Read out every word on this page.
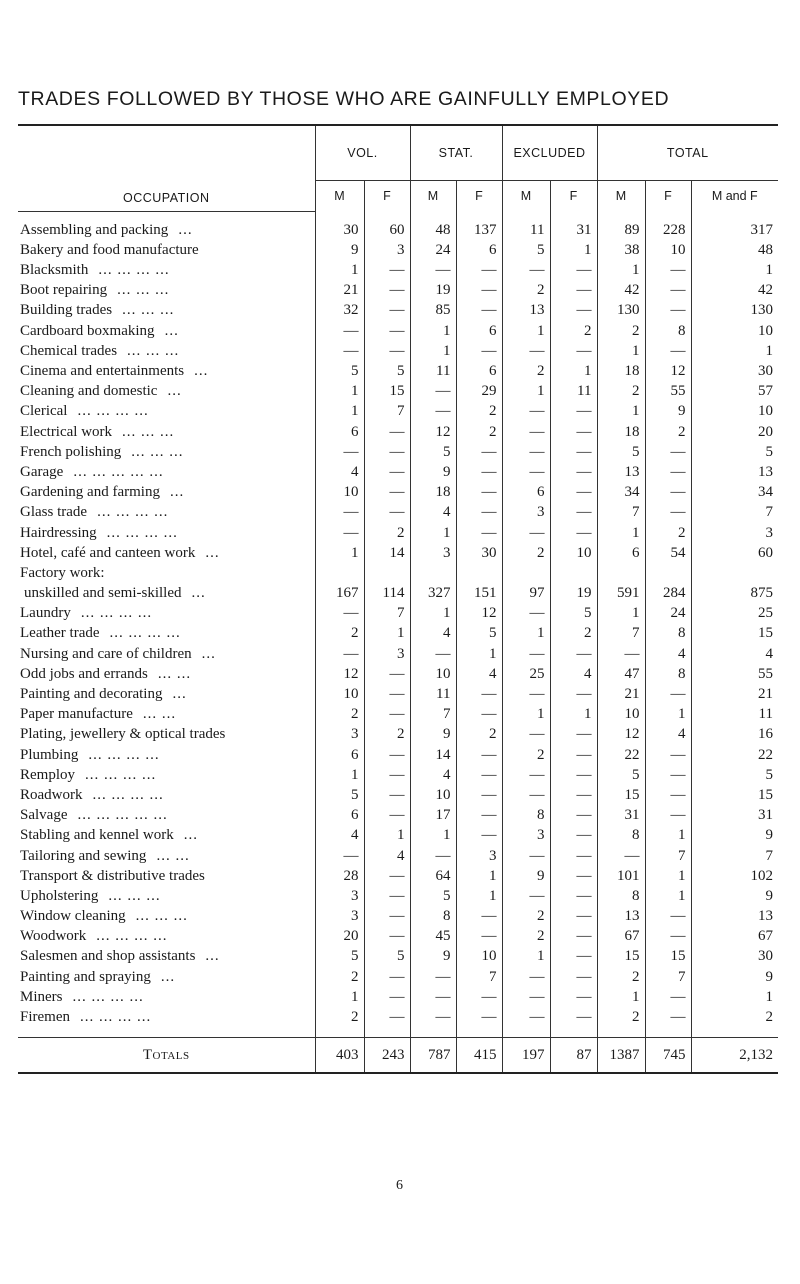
TRADES FOLLOWED BY THOSE WHO ARE GAINFULLY EMPLOYED

OCCUPATION	VOL.		STAT.		EXCLUDED		TOTAL		
	M	F	M	F	M	F	M	F	M and F

Assembling and packing ...	30	60	48	137	11	31	89	228	317
Bakery and food manufacture	9	3	24	6	5	1	38	10	48
Blacksmith ... ... ... ...	1	—	—	—	—	—	1	—	1
Boot repairing ... ... ...	21	—	19	—	2	—	42	—	42
Building trades ... ... ...	32	—	85	—	13	—	130	—	130
Cardboard boxmaking ...	—	—	1	6	1	2	2	8	10
Chemical trades ... ... ...	—	—	1	—	—	—	1	—	1
Cinema and entertainments ...	5	5	11	6	2	1	18	12	30
Cleaning and domestic ...	1	15	—	29	1	11	2	55	57
Clerical ... ... ... ...	1	7	—	2	—	—	1	9	10
Electrical work ... ... ...	6	—	12	2	—	—	18	2	20
French polishing ... ... ...	—	—	5	—	—	—	5	—	5
Garage ... ... ... ... ...	4	—	9	—	—	—	13	—	13
Gardening and farming ...	10	—	18	—	6	—	34	—	34
Glass trade ... ... ... ...	—	—	4	—	3	—	7	—	7
Hairdressing ... ... ... ...	—	2	1	—	—	—	1	2	3
Hotel, café and canteen work ...	1	14	3	30	2	10	6	54	60
Factory work:									
unskilled and semi-skilled ...	167	114	327	151	97	19	591	284	875
Laundry ... ... ... ...	—	7	1	12	—	5	1	24	25
Leather trade ... ... ... ...	2	1	4	5	1	2	7	8	15
Nursing and care of children ...	—	3	—	1	—	—	—	4	4
Odd jobs and errands ... ...	12	—	10	4	25	4	47	8	55
Painting and decorating ...	10	—	11	—	—	—	21	—	21
Paper manufacture ... ...	2	—	7	—	1	1	10	1	11
Plating, jewellery & optical trades	3	2	9	2	—	—	12	4	16
Plumbing ... ... ... ...	6	—	14	—	2	—	22	—	22
Remploy ... ... ... ...	1	—	4	—	—	—	5	—	5
Roadwork ... ... ... ...	5	—	10	—	—	—	15	—	15
Salvage ... ... ... ... ...	6	—	17	—	8	—	31	—	31
Stabling and kennel work ...	4	1	1	—	3	—	8	1	9
Tailoring and sewing ... ...	—	4	—	3	—	—	—	7	7
Transport & distributive trades	28	—	64	1	9	—	101	1	102
Upholstering ... ... ...	3	—	5	1	—	—	8	1	9
Window cleaning ... ... ...	3	—	8	—	2	—	13	—	13
Woodwork ... ... ... ...	20	—	45	—	2	—	67	—	67
Salesmen and shop assistants ...	5	5	9	10	1	—	15	15	30
Painting and spraying ...	2	—	—	7	—	—	2	7	9
Miners ... ... ... ...	1	—	—	—	—	—	1	—	1
Firemen ... ... ... ...	2	—	—	—	—	—	2	—	2

Totals	403	243	787	415	197	87	1387	745	2,132

6
